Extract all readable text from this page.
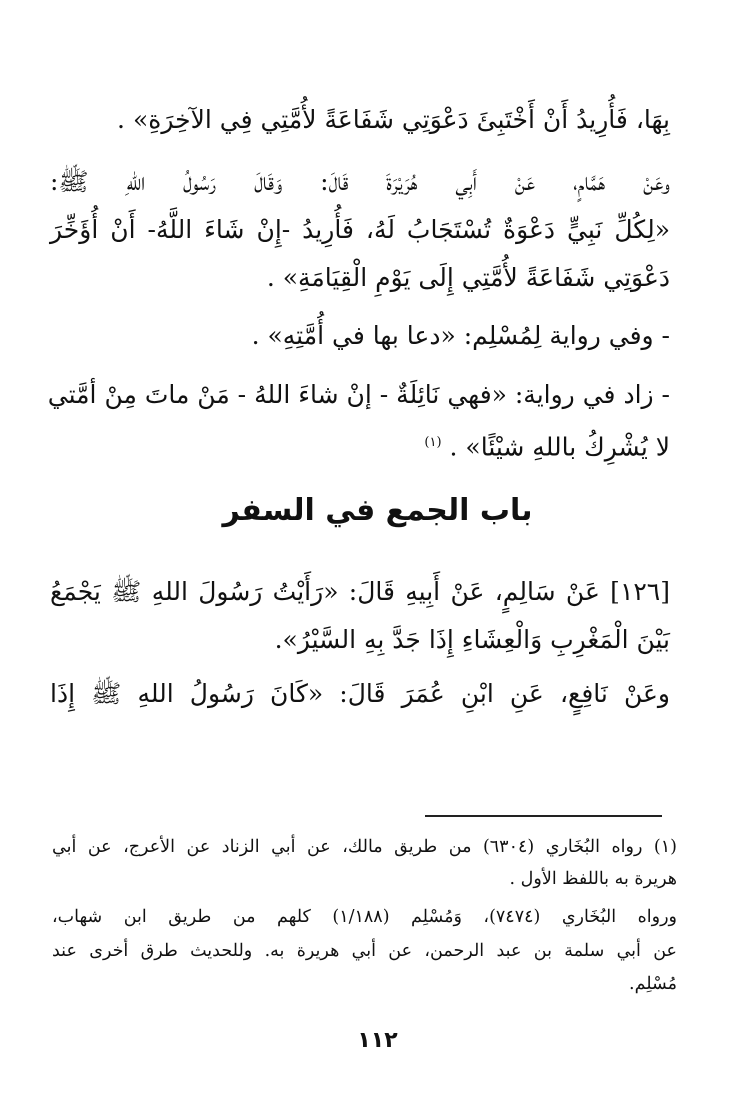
بِهَا، فَأُرِيدُ أَنْ أَخْتَبِئَ دَعْوَتِي شَفَاعَةً لأُمَّتِي فِي الآخِرَةِ» .
وعَنْ هَمَّامٍ، عَنْ أَبِي هُرَيْرَةَ قَالَ: وَقَالَ رَسُولُ اللهِ ﷺ:
«لِكُلِّ نَبِيٍّ دَعْوَةٌ تُسْتَجَابُ لَهُ، فَأُرِيدُ -إِنْ شَاءَ اللَّهُ- أَنْ أُؤَخِّرَ
دَعْوَتِي شَفَاعَةً لأُمَّتِي إِلَى يَوْمِ الْقِيَامَةِ» .
- وفي رواية لِمُسْلِم: «دعا بها في أُمَّتِهِ» .
- زاد في رواية: «فهي نَائِلَةٌ - إنْ شاءَ اللهُ - مَنْ ماتَ مِنْ أمَّتي
لا يُشْرِكُ باللهِ شيْئًا» . $^{(١)}$
باب الجمع في السفر
[١٢٦] عَنْ سَالِمٍ، عَنْ أَبِيهِ قَالَ: «رَأَيْتُ رَسُولَ اللهِ ﷺ يَجْمَعُ
بَيْنَ الْمَغْرِبِ وَالْعِشَاءِ إِذَا جَدَّ بِهِ السَّيْرُ».
وعَنْ نَافِعٍ، عَنِ ابْنِ عُمَرَ قَالَ: «كَانَ رَسُولُ اللهِ ﷺ إِذَا
(١) رواه البُخَاري (٦٣٠٤) من طريق مالك، عن أبي الزناد عن الأعرج، عن أبي
هريرة به باللفظ الأول .
ورواه البُخَاري (٧٤٧٤)، وَمُسْلِم (١/١٨٨) كلهم من طريق ابن شهاب،
عن أبي سلمة بن عبد الرحمن، عن أبي هريرة به. وللحديث طرق أخرى عند
مُسْلِم.
١١٢
